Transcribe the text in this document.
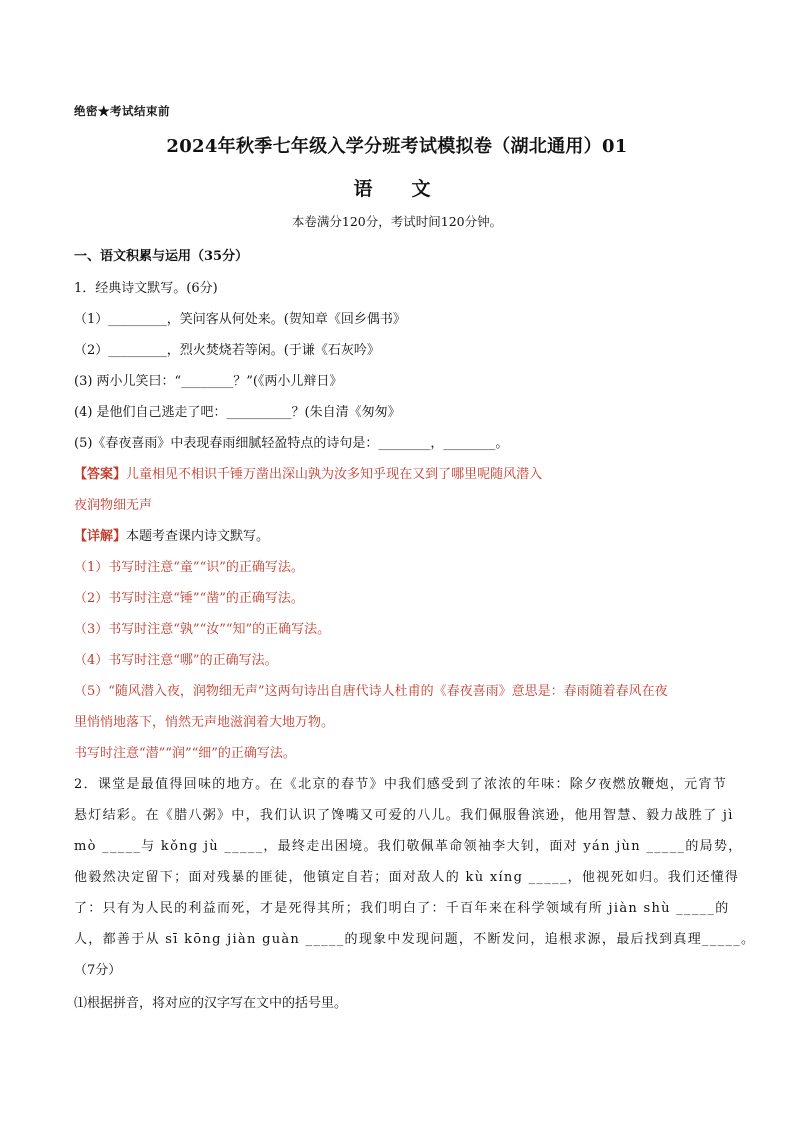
绝密★考试结束前
2024年秋季七年级入学分班考试模拟卷（湖北通用）01
语　文
本卷满分120分，考试时间120分钟。
一、语文积累与运用（35分）
1．经典诗文默写。(6分)
（1）_________，笑问客从何处来。(贺知章《回乡偶书》
（2）_________，烈火焚烧若等闲。(于谦《石灰吟》
(3) 两小儿笑曰：“________？”(《两小儿辩日》
(4) 是他们自己逃走了吧：__________？(朱自清《匆匆》
(5)《春夜喜雨》中表现春雨细腻轻盈特点的诗句是：________，________。
【答案】儿童相见不相识千锤万凿出深山孰为汝多知乎现在又到了哪里呢随风潜入
夜润物细无声
【详解】本题考查课内诗文默写。
（1）书写时注意“童”“识”的正确写法。
（2）书写时注意“锤”“凿”的正确写法。
（3）书写时注意“孰”“汝”“知”的正确写法。
（4）书写时注意“哪”的正确写法。
（5）“随风潜入夜，润物细无声”这两句诗出自唐代诗人杜甫的《春夜喜雨》意思是：春雨随着春风在夜
里悄悄地落下，悄然无声地滋润着大地万物。
书写时注意“潜”“润”“细”的正确写法。
2．课堂是最值得回味的地方。在《北京的春节》中我们感受到了浓浓的年味：除夕夜燃放鞭炮，元宵节
悬灯结彩。在《腊八粥》中，我们认识了馋嘴又可爱的八儿。我们佩服鲁滨逊，他用智慧、毅力战胜了 jì
mò _____与 kǒng jù _____，最终走出困境。我们敬佩革命领袖李大钊，面对 yán jùn _____的局势，
他毅然决定留下；面对残暴的匪徒，他镇定自若；面对敌人的 kù xíng _____，他视死如归。我们还懂得
了：只有为人民的利益而死，才是死得其所；我们明白了：千百年来在科学领域有所 jiàn shù _____的
人，都善于从 sī kōng jiàn guàn _____的现象中发现问题，不断发问，追根求源，最后找到真理_____。
（7分）
⑴根据拼音，将对应的汉字写在文中的括号里。
